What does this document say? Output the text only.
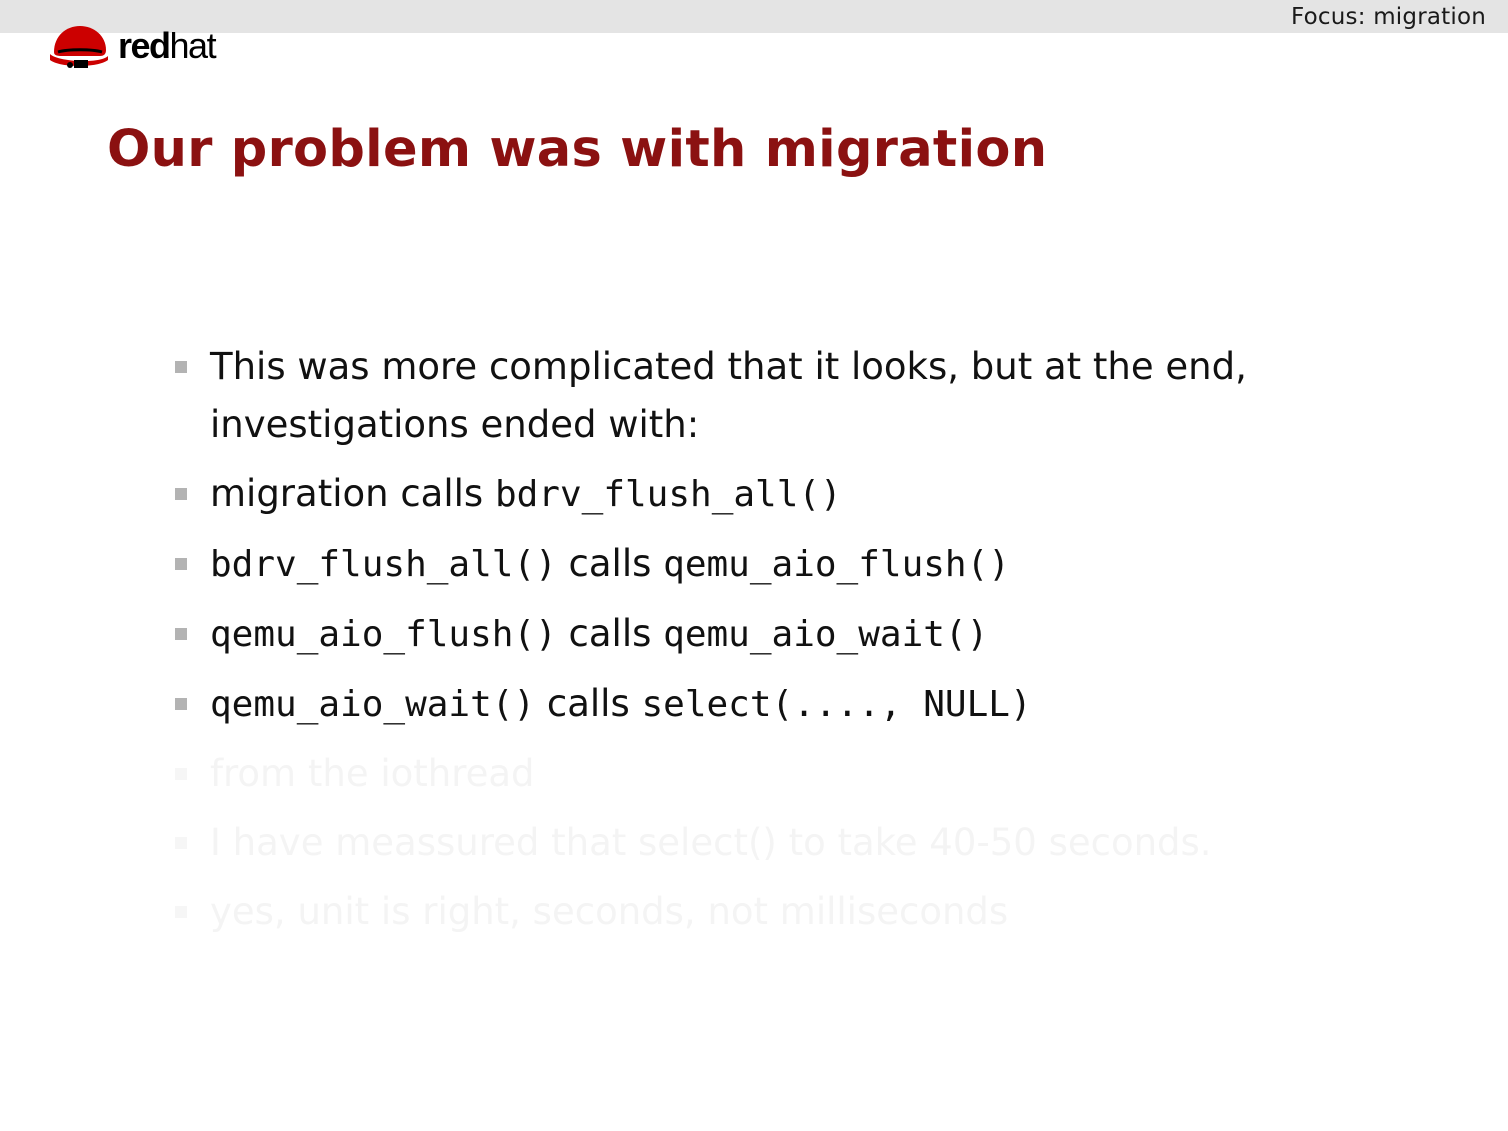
Focus: migration
redhat
Our problem was with migration
This was more complicated that it looks, but at the end,
investigations ended with:
migration calls bdrv_flush_all()
bdrv_flush_all() calls qemu_aio_flush()
qemu_aio_flush() calls qemu_aio_wait()
qemu_aio_wait() calls select(...., NULL)
from the iothread
I have meassured that select() to take 40-50 seconds.
yes, unit is right, seconds, not milliseconds
